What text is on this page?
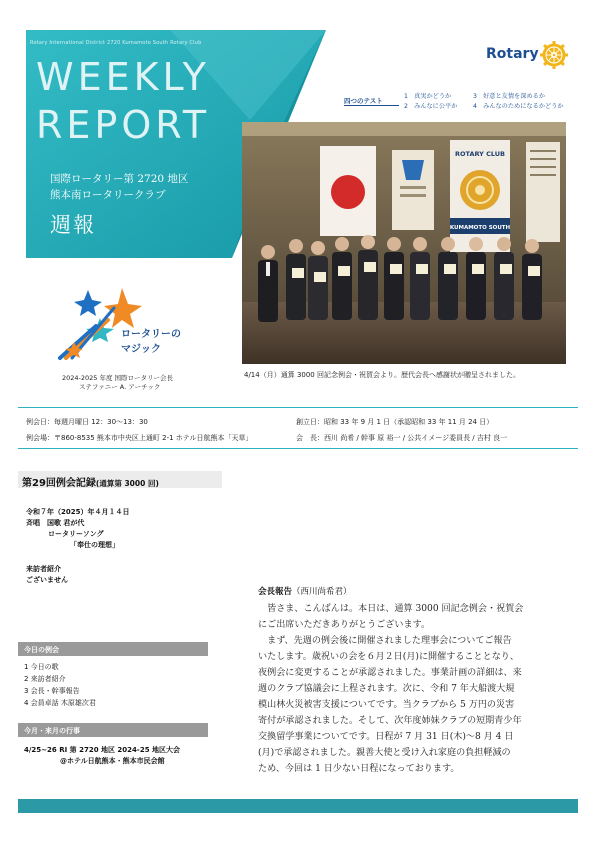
Rotary International District 2720 Kumamoto South Rotary Club
WEEKLY
REPORT
国際ロータリー第 2720 地区
熊本南ロータリークラブ
週報
Rotary
四つのテスト
1　真実かどうか
2　みんなに公平か
3　好意と友情を深めるか
4　みんなのためになるかどうか
ROTARY CLUB
KUMAMOTO SOUTH
4/14（月）通算 3000 回記念例会・祝賀会より。歴代会長へ感謝状が贈呈されました。
ロータリーの
マジック
2024-2025 年度 国際ロータリー会長
ステファニー A. アーチック
例会日：毎週月曜日 12：30～13：30	創立日：昭和 33 年 9 月 1 日（承認昭和 33 年 11 月 24 日）
例会場：〒860-8535 熊本市中央区上通町 2-1 ホテル日航熊本「天草」	会　長：西川 尚希 / 幹事 原 裕一 / 公共イメージ委員長 / 吉村 良一
第29回例会記録(通算第 3000 回)
令和７年（2025）年４月１４日
斉唱　国歌 君が代
ロータリーソング
「奉仕の理想」
来訪者紹介
ございません
今日の例会
1 今日の歌
2 来訪者紹介
3 会長・幹事報告
4 会員卓話 木原雄次君
今月・来月の行事
4/25~26 RI 第 2720 地区 2024-25 地区大会
@ホテル日航熊本・熊本市民会館
会長報告（西川尚希君）
　皆さま、こんばんは。本日は、通算 3000 回記念例会・祝賀会
にご出席いただきありがとうございます。
　まず、先週の例会後に開催されました理事会についてご報告
いたします。歳祝いの会を６月２日(月)に開催することとなり、
夜例会に変更することが承認されました。事業計画の詳細は、来
週のクラブ協議会に上程されます。次に、令和 7 年大船渡大規
模山林火災被害支援についてです。当クラブから 5 万円の災害
寄付が承認されました。そして、次年度姉妹クラブの短期青少年
交換留学事業についてです。日程が 7 月 31 日(木)～8 月 4 日
(月)で承認されました。親善大使と受け入れ家庭の負担軽減の
ため、今回は 1 日少ない日程になっております。
